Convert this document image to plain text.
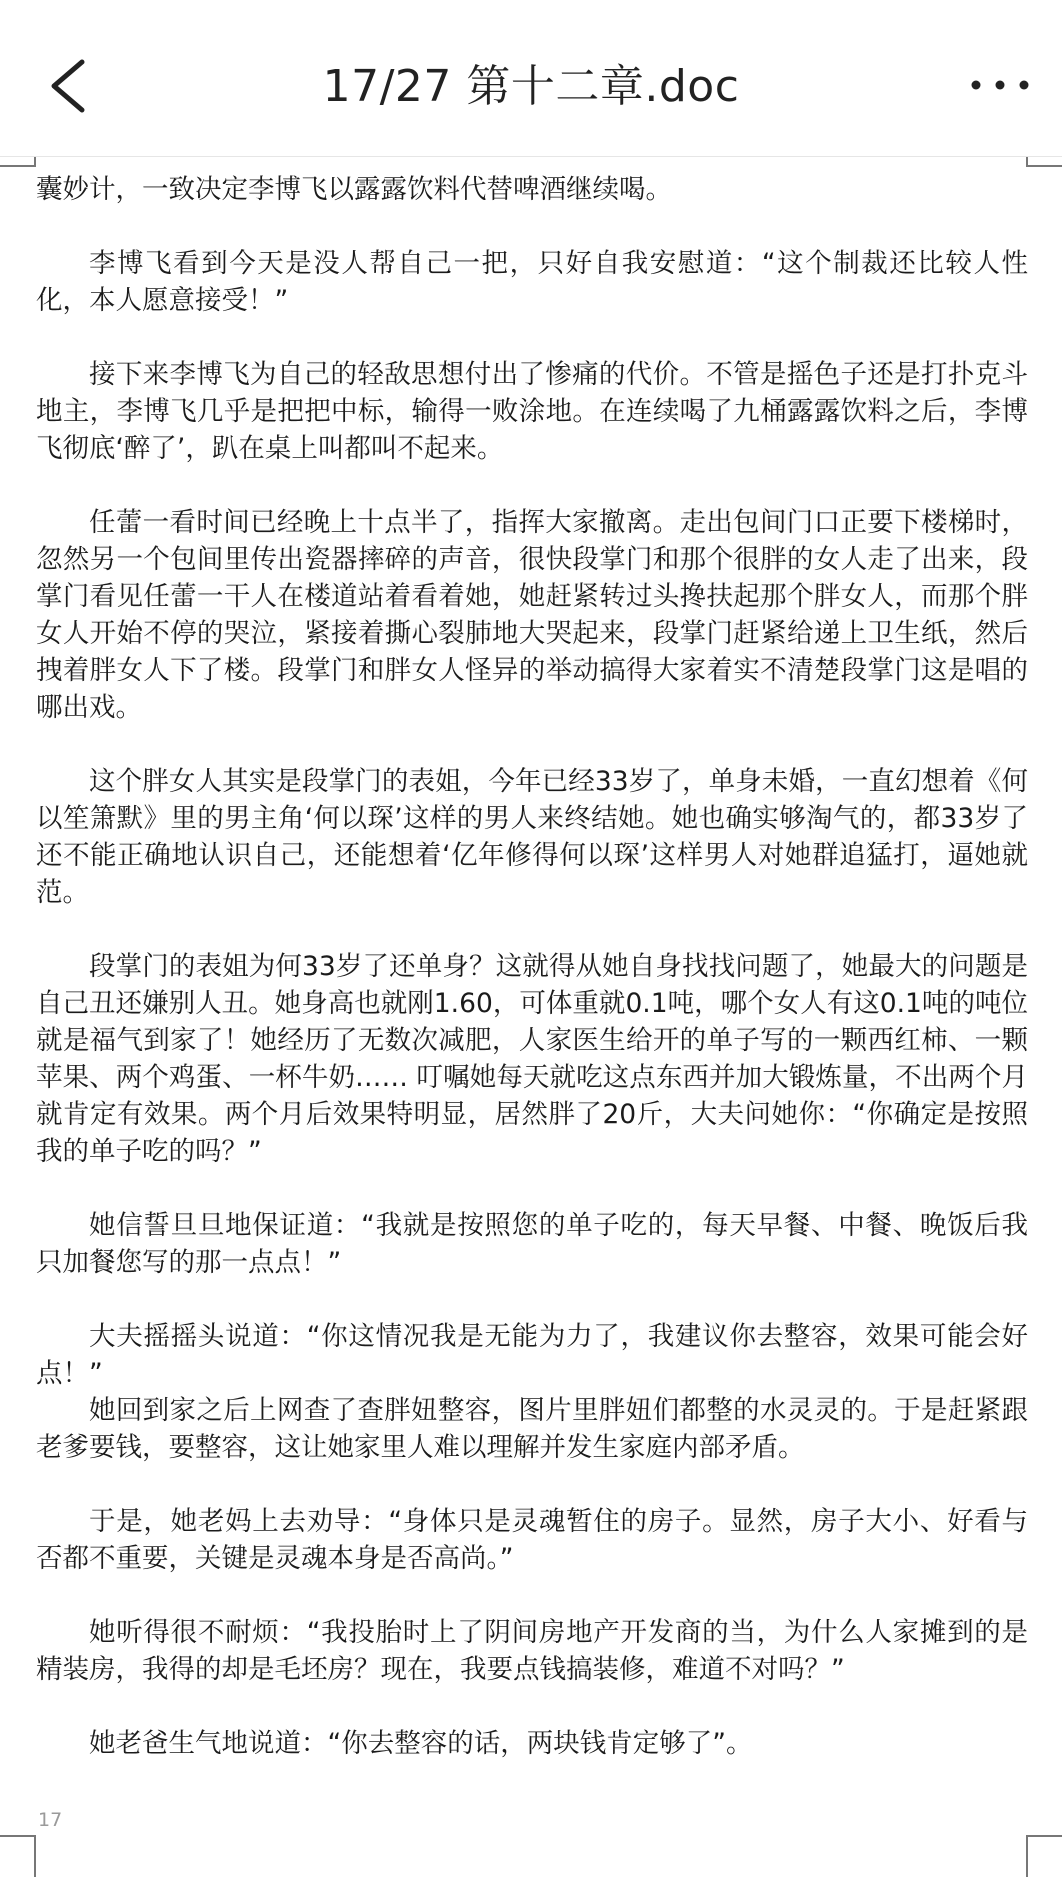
17/27 第十二章.doc

囊妙计，一致决定李博飞以露露饮料代替啤酒继续喝。

李博飞看到今天是没人帮自己一把，只好自我安慰道：“这个制裁还比较人性化，本人愿意接受！”

接下来李博飞为自己的轻敌思想付出了惨痛的代价。不管是摇色子还是打扑克斗地主，李博飞几乎是把把中标，输得一败涂地。在连续喝了九桶露露饮料之后，李博飞彻底‘醉了’，趴在桌上叫都叫不起来。

任蕾一看时间已经晚上十点半了，指挥大家撤离。走出包间门口正要下楼梯时，忽然另一个包间里传出瓷器摔碎的声音，很快段掌门和那个很胖的女人走了出来，段掌门看见任蕾一干人在楼道站着看着她，她赶紧转过头搀扶起那个胖女人，而那个胖女人开始不停的哭泣，紧接着撕心裂肺地大哭起来，段掌门赶紧给递上卫生纸，然后拽着胖女人下了楼。段掌门和胖女人怪异的举动搞得大家着实不清楚段掌门这是唱的哪出戏。

这个胖女人其实是段掌门的表姐，今年已经33岁了，单身未婚，一直幻想着《何以笙箫默》里的男主角‘何以琛’这样的男人来终结她。她也确实够淘气的，都33岁了还不能正确地认识自己，还能想着‘亿年修得何以琛’这样男人对她群追猛打，逼她就范。

段掌门的表姐为何33岁了还单身？这就得从她自身找找问题了，她最大的问题是自己丑还嫌别人丑。她身高也就刚1.60，可体重就0.1吨，哪个女人有这0.1吨的吨位就是福气到家了！她经历了无数次减肥，人家医生给开的单子写的一颗西红柿、一颗苹果、两个鸡蛋、一杯牛奶…… 叮嘱她每天就吃这点东西并加大锻炼量，不出两个月就肯定有效果。两个月后效果特明显，居然胖了20斤，大夫问她你：“你确定是按照我的单子吃的吗？”

她信誓旦旦地保证道：“我就是按照您的单子吃的，每天早餐、中餐、晚饭后我只加餐您写的那一点点！”

大夫摇摇头说道：“你这情况我是无能为力了，我建议你去整容，效果可能会好点！”

她回到家之后上网查了查胖妞整容，图片里胖妞们都整的水灵灵的。于是赶紧跟老爹要钱，要整容，这让她家里人难以理解并发生家庭内部矛盾。

于是，她老妈上去劝导：“身体只是灵魂暂住的房子。显然，房子大小、好看与否都不重要，关键是灵魂本身是否高尚。”

她听得很不耐烦：“我投胎时上了阴间房地产开发商的当，为什么人家摊到的是精装房，我得的却是毛坯房？现在，我要点钱搞装修，难道不对吗？”

她老爸生气地说道：“你去整容的话，两块钱肯定够了”。

17
